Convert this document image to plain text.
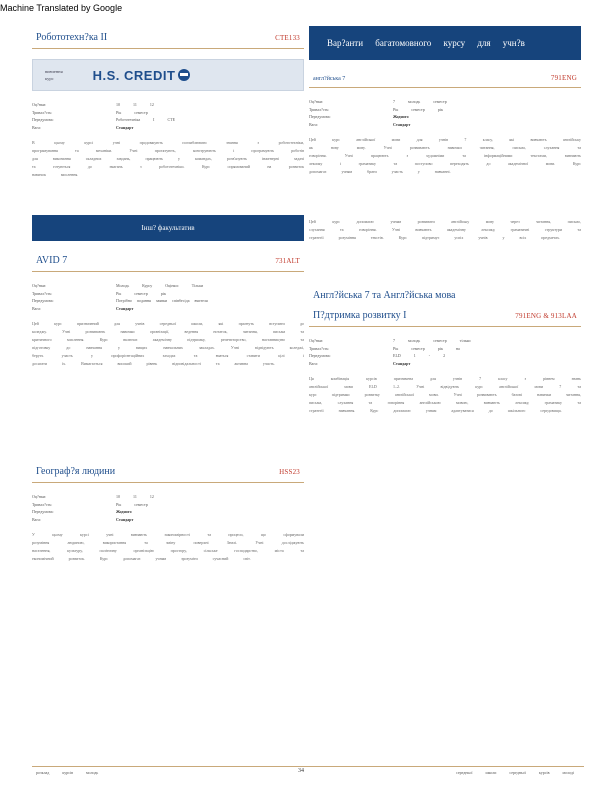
Machine Translated by Google
Робототехн?ка II	CTE133
вивчення
курс	H.S. CREDIT
Оц?нки:	10 11 12
Тривал?сть:	Рік семестр
Передумова:	Робототехніка I CTE
Вага:	Стандарт
В цьому курсі учні продовжують поглиблювати знання з робототехніки, програмування та механіки. Учні проєктують, конструюють і програмують роботів для виконання складних завдань, працюють у командах, розв'язують інженерні задачі та готуються до змагань з робототехніки. Курс спрямований на розвиток навичок мислення.
Інш? факультатив
AVID 7	731ALT
Оц?нки:	Молодь Курсу Оцінки: Тільки
Тривал?сть:	Рік семестр рік
Передумова:	Потрібно подання заявки співбесіда вчителя
Вага:	Стандарт
Цей курс призначений для учнів середньої школи, які прагнуть вступити до коледжу. Учні розвивають навички організації, ведення нотаток, читання, письма та критичного мислення. Курс включає академічну підтримку, репетиторство, наставництво та підготовку до навчання у вищих навчальних закладах. Учні відвідують коледжі, беруть участь у профорієнтаційних заходах та вчаться ставити цілі і досягати їх. Вимагається високий рівень відповідальності та активна участь.
Географ?я людини	HSS23
Оц?нки:	10 11 12
Тривал?сть:	Рік семестр
Передумова:	Жодного
Вага:	Стандарт
У цьому курсі учні вивчають закономірності та процеси, що сформували розуміння людиною, використання та зміну поверхні Землі. Учні досліджують населення, культуру, політичну організацію простору, сільське господарство, міста та економічний розвиток. Курс допомагає учням зрозуміти сучасний світ.
Вар?анти багатомовного курсу для учн?в
англ?йська 7	791ENG
Оц?нки:	7 молодь семестр
Тривал?сть:	Рік семестр рік
Передумова:	Жодного
Вага:	Стандарт
Цей курс англійської мови для учнів 7 класу, які вивчають англійську як нову мову. Учні розвивають навички читання, письма, слухання та говоріння. Учні працюють з художніми та інформаційними текстами, вивчають лексику і граматику та поступово переходять до академічної мови. Курс допомагає учням брати участь у навчанні.
Цей курс допомагає учням розвивати англійську мову через читання, письмо, слухання та говоріння. Учні вивчають академічну лексику, граматичні структури та стратегії розуміння текстів. Курс підтримує успіх учнів у всіх предметах.
Англ?йська 7 та Англ?йська мова
П?дтримка розвитку I	791ENG & 913LAA
Оц?нки:	7 молодь семестр тільки
Тривал?сть:	Рік семестр рік на
Передумова:	ELD 1 - 2
Вага:	Стандарт
Ця комбінація курсів призначена для учнів 7 класу з рівнем знань англійської мови ELD 1–2. Учні відвідують курс англійської мови 7 та курс підтримки розвитку англійської мови. Учні розвивають базові навички читання, письма, слухання та говоріння англійською мовою, вивчають лексику, граматику та стратегії навчання. Курс допомагає учням адаптуватися до шкільного середовища.
розклад курсів молодь	34	середньої школи середньої курсів молоді
